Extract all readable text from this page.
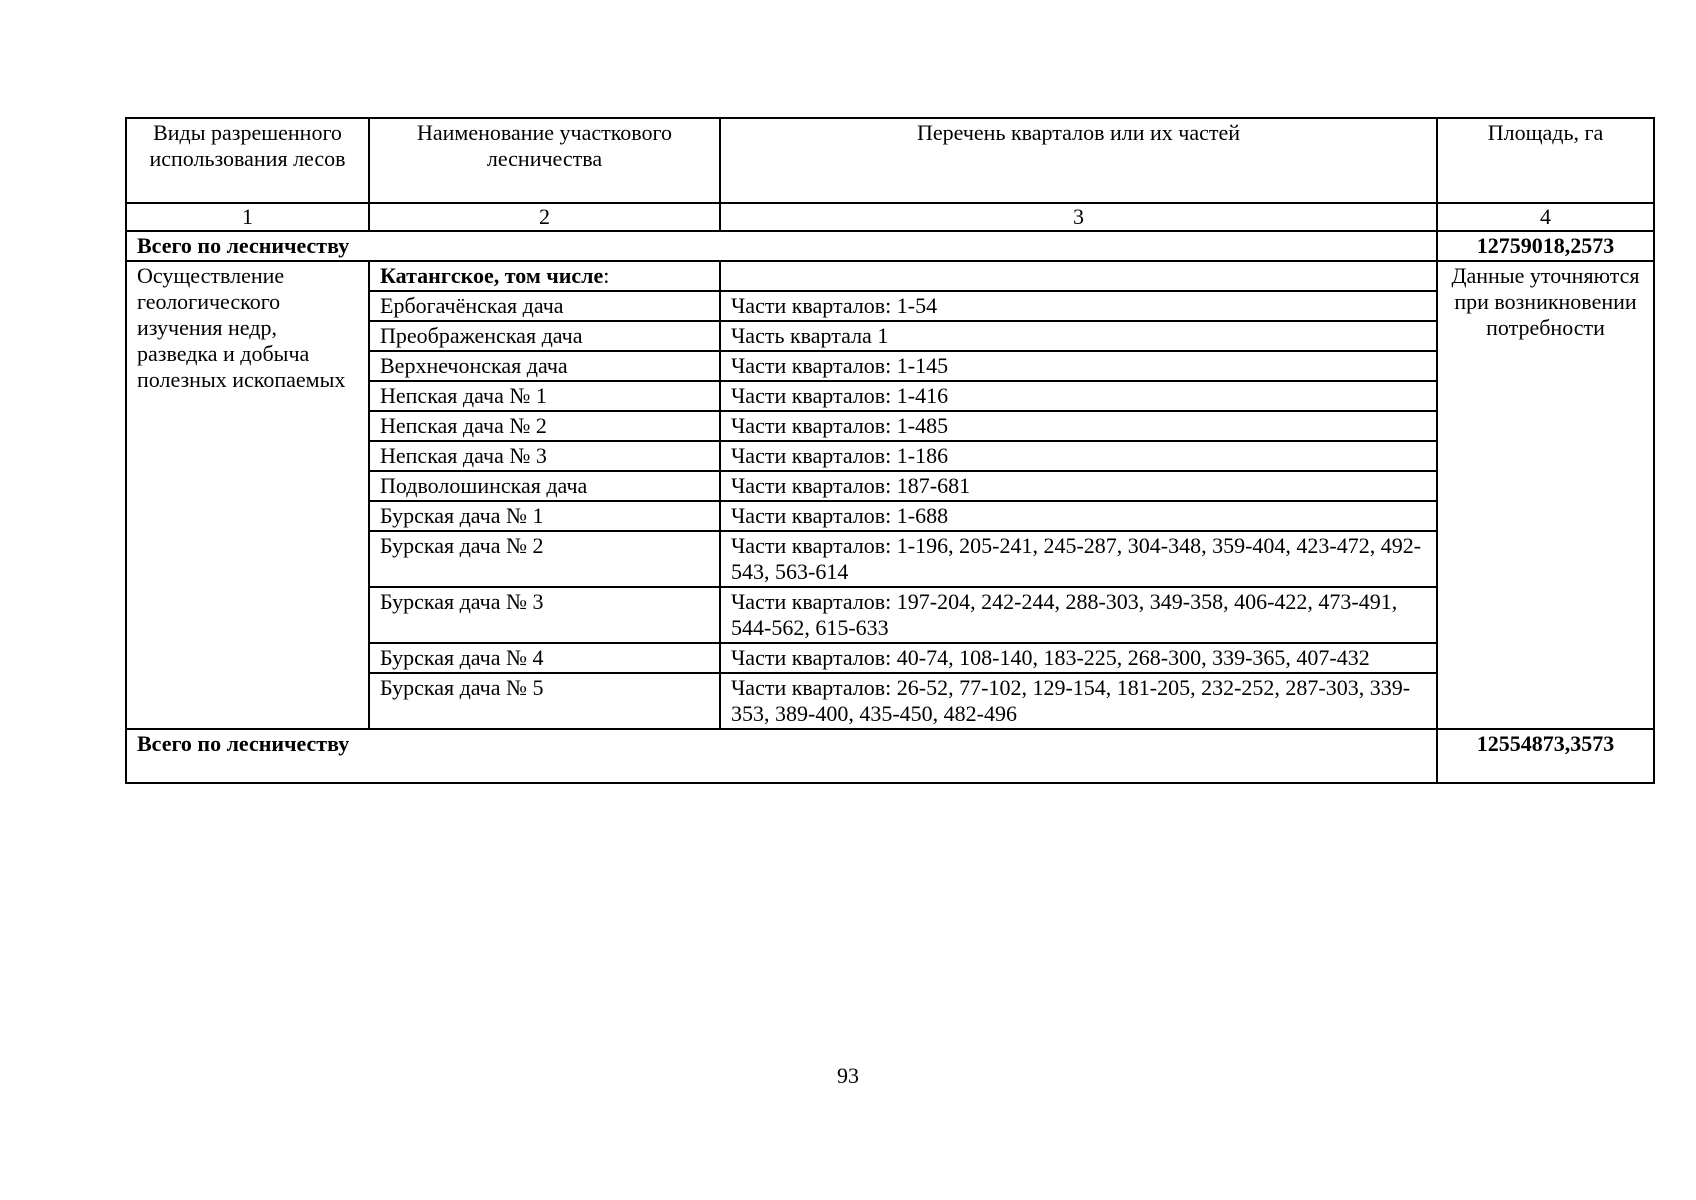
Виды разрешенного использования лесов	Наименование участкового лесничества	Перечень кварталов или их частей	Площадь, га
1	2	3	4
Всего по лесничеству			12759018,2573
Осуществление геологического изучения недр, разведка и добыча полезных ископаемых	Катангское, том числе:		Данные уточняются при возникновении потребности
	Ербогачёнская дача	Части кварталов: 1-54	
	Преображенская дача	Часть квартала 1	
	Верхнечонская дача	Части кварталов: 1-145	
	Непская дача № 1	Части кварталов: 1-416	
	Непская дача № 2	Части кварталов: 1-485	
	Непская дача № 3	Части кварталов: 1-186	
	Подволошинская дача	Части кварталов: 187-681	
	Бурская дача № 1	Части кварталов: 1-688	
	Бурская дача № 2	Части кварталов: 1-196, 205-241, 245-287, 304-348, 359-404, 423-472, 492-543, 563-614	
	Бурская дача № 3	Части кварталов: 197-204, 242-244, 288-303, 349-358, 406-422, 473-491, 544-562, 615-633	
	Бурская дача № 4	Части кварталов: 40-74, 108-140, 183-225, 268-300, 339-365, 407-432	
	Бурская дача № 5	Части кварталов: 26-52, 77-102, 129-154, 181-205, 232-252, 287-303, 339-353, 389-400, 435-450, 482-496	
Всего по лесничеству			12554873,3573
93
